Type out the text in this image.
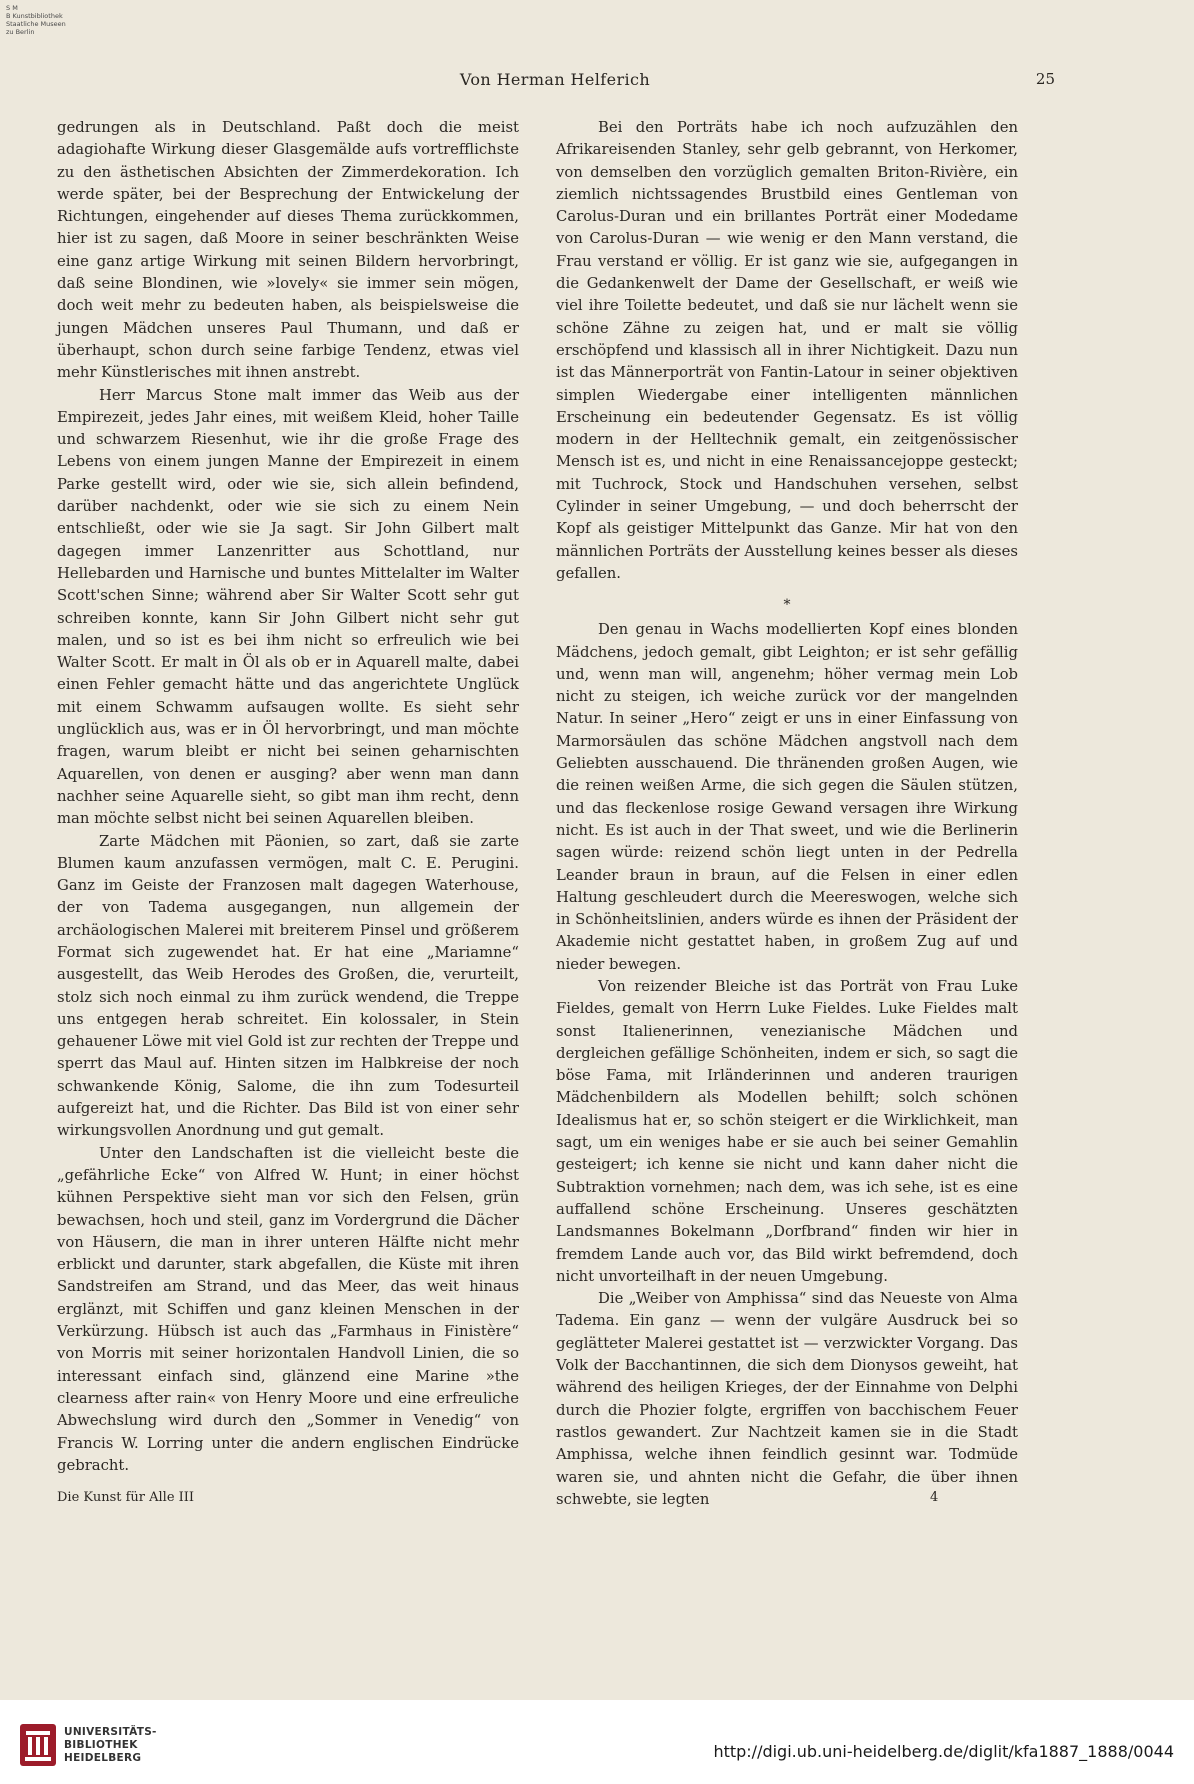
S M
B Kunstbibliothek
Staatliche Museen
zu Berlin
Von Herman Helferich	25

gedrungen als in Deutschland. Paßt doch die meist adagiohafte Wirkung dieser Glasgemälde aufs vortrefflichste zu den ästhetischen Absichten der Zimmerdekoration. Ich werde später, bei der Besprechung der Entwickelung der Richtungen, eingehender auf dieses Thema zurückkommen, hier ist zu sagen, daß Moore in seiner beschränkten Weise eine ganz artige Wirkung mit seinen Bildern hervorbringt, daß seine Blondinen, wie »lovely« sie immer sein mögen, doch weit mehr zu bedeuten haben, als beispielsweise die jungen Mädchen unseres Paul Thumann, und daß er überhaupt, schon durch seine farbige Tendenz, etwas viel mehr Künstlerisches mit ihnen anstrebt.

Herr Marcus Stone malt immer das Weib aus der Empirezeit, jedes Jahr eines, mit weißem Kleid, hoher Taille und schwarzem Riesenhut, wie ihr die große Frage des Lebens von einem jungen Manne der Empirezeit in einem Parke gestellt wird, oder wie sie, sich allein befindend, darüber nachdenkt, oder wie sie sich zu einem Nein entschließt, oder wie sie Ja sagt. Sir John Gilbert malt dagegen immer Lanzenritter aus Schottland, nur Hellebarden und Harnische und buntes Mittelalter im Walter Scott'schen Sinne; während aber Sir Walter Scott sehr gut schreiben konnte, kann Sir John Gilbert nicht sehr gut malen, und so ist es bei ihm nicht so erfreulich wie bei Walter Scott. Er malt in Öl als ob er in Aquarell malte, dabei einen Fehler gemacht hätte und das angerichtete Unglück mit einem Schwamm aufsaugen wollte. Es sieht sehr unglücklich aus, was er in Öl hervorbringt, und man möchte fragen, warum bleibt er nicht bei seinen geharnischten Aquarellen, von denen er ausging? aber wenn man dann nachher seine Aquarelle sieht, so gibt man ihm recht, denn man möchte selbst nicht bei seinen Aquarellen bleiben.

Zarte Mädchen mit Päonien, so zart, daß sie zarte Blumen kaum anzufassen vermögen, malt C. E. Perugini. Ganz im Geiste der Franzosen malt dagegen Waterhouse, der von Tadema ausgegangen, nun allgemein der archäologischen Malerei mit breiterem Pinsel und größerem Format sich zugewendet hat. Er hat eine „Mariamne“ ausgestellt, das Weib Herodes des Großen, die, verurteilt, stolz sich noch einmal zu ihm zurück wendend, die Treppe uns entgegen herab schreitet. Ein kolossaler, in Stein gehauener Löwe mit viel Gold ist zur rechten der Treppe und sperrt das Maul auf. Hinten sitzen im Halbkreise der noch schwankende König, Salome, die ihn zum Todesurteil aufgereizt hat, und die Richter. Das Bild ist von einer sehr wirkungsvollen Anordnung und gut gemalt.

Unter den Landschaften ist die vielleicht beste die „gefährliche Ecke“ von Alfred W. Hunt; in einer höchst kühnen Perspektive sieht man vor sich den Felsen, grün bewachsen, hoch und steil, ganz im Vordergrund die Dächer von Häusern, die man in ihrer unteren Hälfte nicht mehr erblickt und darunter, stark abgefallen, die Küste mit ihren Sandstreifen am Strand, und das Meer, das weit hinaus erglänzt, mit Schiffen und ganz kleinen Menschen in der Verkürzung. Hübsch ist auch das „Farmhaus in Finistère“ von Morris mit seiner horizontalen Handvoll Linien, die so interessant einfach sind, glänzend eine Marine »the clearness after rain« von Henry Moore und eine erfreuliche Abwechslung wird durch den „Sommer in Venedig“ von Francis W. Lorring unter die andern englischen Eindrücke gebracht.

Bei den Porträts habe ich noch aufzuzählen den Afrikareisenden Stanley, sehr gelb gebrannt, von Herkomer, von demselben den vorzüglich gemalten Briton-Rivière, ein ziemlich nichtssagendes Brustbild eines Gentleman von Carolus-Duran und ein brillantes Porträt einer Modedame von Carolus-Duran — wie wenig er den Mann verstand, die Frau verstand er völlig. Er ist ganz wie sie, aufgegangen in die Gedankenwelt der Dame der Gesellschaft, er weiß wie viel ihre Toilette bedeutet, und daß sie nur lächelt wenn sie schöne Zähne zu zeigen hat, und er malt sie völlig erschöpfend und klassisch all in ihrer Nichtigkeit. Dazu nun ist das Männerporträt von Fantin-Latour in seiner objektiven simplen Wiedergabe einer intelligenten männlichen Erscheinung ein bedeutender Gegensatz. Es ist völlig modern in der Helltechnik gemalt, ein zeitgenössischer Mensch ist es, und nicht in eine Renaissancejoppe gesteckt; mit Tuchrock, Stock und Handschuhen versehen, selbst Cylinder in seiner Umgebung, — und doch beherrscht der Kopf als geistiger Mittelpunkt das Ganze. Mir hat von den männlichen Porträts der Ausstellung keines besser als dieses gefallen.

*

Den genau in Wachs modellierten Kopf eines blonden Mädchens, jedoch gemalt, gibt Leighton; er ist sehr gefällig und, wenn man will, angenehm; höher vermag mein Lob nicht zu steigen, ich weiche zurück vor der mangelnden Natur. In seiner „Hero“ zeigt er uns in einer Einfassung von Marmorsäulen das schöne Mädchen angstvoll nach dem Geliebten ausschauend. Die thränenden großen Augen, wie die reinen weißen Arme, die sich gegen die Säulen stützen, und das fleckenlose rosige Gewand versagen ihre Wirkung nicht. Es ist auch in der That sweet, und wie die Berlinerin sagen würde: reizend schön liegt unten in der Pedrella Leander braun in braun, auf die Felsen in einer edlen Haltung geschleudert durch die Meereswogen, welche sich in Schönheitslinien, anders würde es ihnen der Präsident der Akademie nicht gestattet haben, in großem Zug auf und nieder bewegen.

Von reizender Bleiche ist das Porträt von Frau Luke Fieldes, gemalt von Herrn Luke Fieldes. Luke Fieldes malt sonst Italienerinnen, venezianische Mädchen und dergleichen gefällige Schönheiten, indem er sich, so sagt die böse Fama, mit Irländerinnen und anderen traurigen Mädchenbildern als Modellen behilft; solch schönen Idealismus hat er, so schön steigert er die Wirklichkeit, man sagt, um ein weniges habe er sie auch bei seiner Gemahlin gesteigert; ich kenne sie nicht und kann daher nicht die Subtraktion vornehmen; nach dem, was ich sehe, ist es eine auffallend schöne Erscheinung. Unseres geschätzten Landsmannes Bokelmann „Dorfbrand“ finden wir hier in fremdem Lande auch vor, das Bild wirkt befremdend, doch nicht unvorteilhaft in der neuen Umgebung.

Die „Weiber von Amphissa“ sind das Neueste von Alma Tadema. Ein ganz — wenn der vulgäre Ausdruck bei so geglätteter Malerei gestattet ist — verzwickter Vorgang. Das Volk der Bacchantinnen, die sich dem Dionysos geweiht, hat während des heiligen Krieges, der der Einnahme von Delphi durch die Phozier folgte, ergriffen von bacchischem Feuer rastlos gewandert. Zur Nachtzeit kamen sie in die Stadt Amphissa, welche ihnen feindlich gesinnt war. Todmüde waren sie, und ahnten nicht die Gefahr, die über ihnen schwebte, sie legten

Die Kunst für Alle III	4
UNIVERSITÄTS-
BIBLIOTHEK
HEIDELBERG	http://digi.ub.uni-heidelberg.de/diglit/kfa1887_1888/0044
